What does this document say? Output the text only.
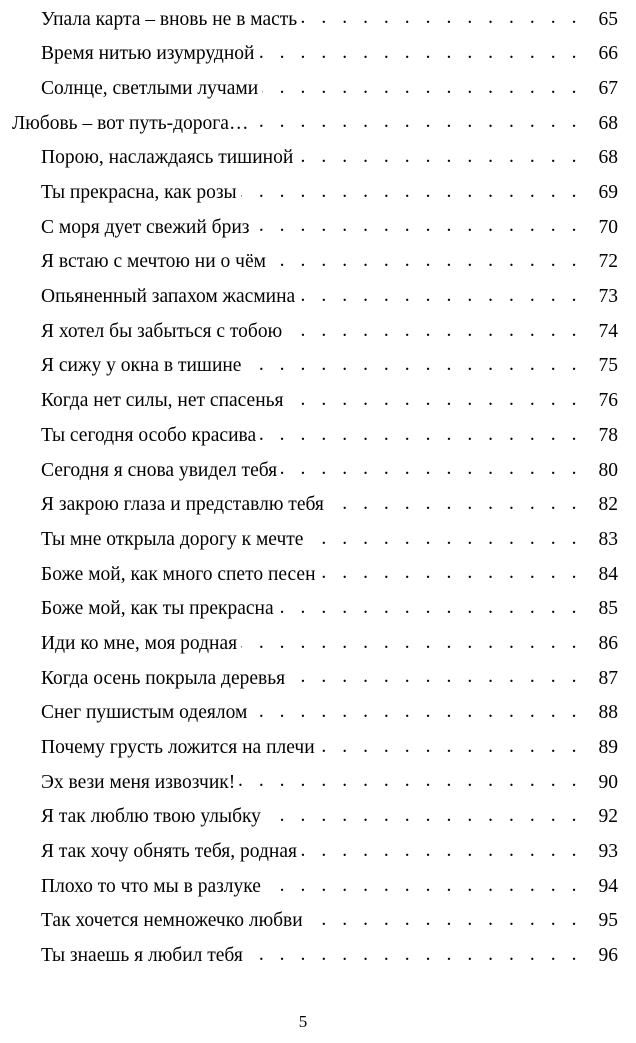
Упала карта – вновь не в масть . . .	65
Время нитью изумрудной . . .	66
Солнце, светлыми лучами . . .	67
Любовь – вот путь-дорога… . . .	68
Порою, наслаждаясь тишиной . . .	68
Ты прекрасна, как розы . . .	69
С моря дует свежий бриз . . .	70
Я встаю с мечтою ни о чём . . .	72
Опьяненный запахом жасмина . . .	73
Я хотел бы забыться с тобою . . .	74
Я сижу у окна в тишине . . .	75
Когда нет силы, нет спасенья . . .	76
Ты сегодня особо красива . . .	78
Сегодня я снова увидел тебя . . .	80
Я закрою глаза и представлю тебя . . .	82
Ты мне открыла дорогу к мечте . . .	83
Боже мой, как много спето песен . . .	84
Боже мой, как ты прекрасна . . .	85
Иди ко мне, моя родная . . .	86
Когда осень покрыла деревья . . .	87
Снег пушистым одеялом . . .	88
Почему грусть ложится на плечи . . .	89
Эх вези меня извозчик! . . .	90
Я так люблю твою улыбку . . .	92
Я так хочу обнять тебя, родная . . .	93
Плохо то что мы в разлуке . . .	94
Так хочется немножечко любви . . .	95
Ты знаешь я любил тебя . . .	96
5
